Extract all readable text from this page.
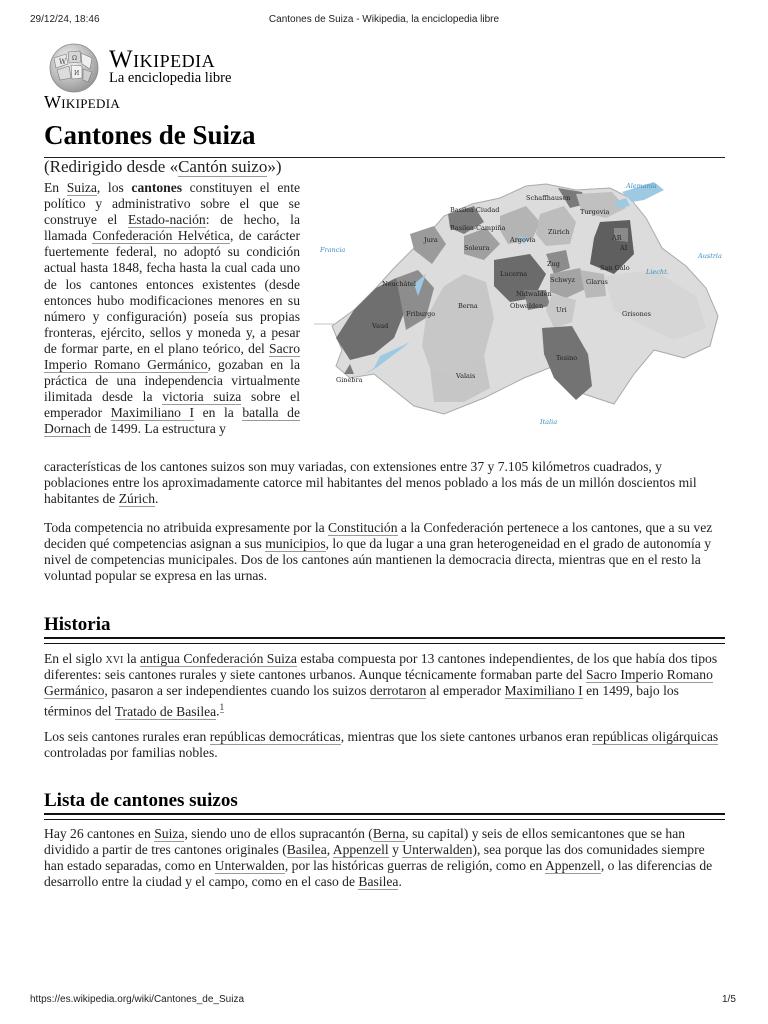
29/12/24, 18:46	Cantones de Suiza - Wikipedia, la enciclopedia libre
W Ω
И
Wikipedia
La enciclopedia libre
Wikipedia
Cantones de Suiza
(Redirigido desde «Cantón suizo»)

En Suiza, los cantones constituyen el ente político y administrativo sobre el que se construye el Estado-nación: de hecho, la llamada Confederación Helvética, de carácter fuertemente federal, no adoptó su condición actual hasta 1848, fecha hasta la cual cada uno de los cantones entonces existentes (desde entonces hubo modificaciones menores en su número y configuración) poseía sus propias fronteras, ejército, sellos y moneda y, a pesar de formar parte, en el plano teórico, del Sacro Imperio Romano Germánico, gozaban en la práctica de una independencia virtualmente ilimitada desde la victoria suiza sobre el emperador Maximiliano I en la batalla de Dornach de 1499. La estructura y

Schaffhausen
Basilea Ciudad
Basilea-Campiña
Turgovia
Jura
Soleura
Argovia
Zürich
AR
AI
San Galo
Zug
Schwyz
Lucerna
Glarus
Neuchâtel
Nidwalden
Obwalden Uri
Berna
Friburgo	Grisones
Vaud
Tesino
Valais
Ginebra
Alemania
Francia
Austria
Liecht.
Italia

características de los cantones suizos son muy variadas, con extensiones entre 37 y 7.105 kilómetros cuadrados, y poblaciones entre los aproximadamente catorce mil habitantes del menos poblado a los más de un millón doscientos mil habitantes de Zúrich.

Toda competencia no atribuida expresamente por la Constitución a la Confederación pertenece a los cantones, que a su vez deciden qué competencias asignan a sus municipios, lo que da lugar a una gran heterogeneidad en el grado de autonomía y nivel de competencias municipales. Dos de los cantones aún mantienen la democracia directa, mientras que en el resto la voluntad popular se expresa en las urnas.

Historia

En el siglo xvi la antigua Confederación Suiza estaba compuesta por 13 cantones independientes, de los que había dos tipos diferentes: seis cantones rurales y siete cantones urbanos. Aunque técnicamente formaban parte del Sacro Imperio Romano Germánico, pasaron a ser independientes cuando los suizos derrotaron al emperador Maximiliano I en 1499, bajo los términos del Tratado de Basilea.$^1$

Los seis cantones rurales eran repúblicas democráticas, mientras que los siete cantones urbanos eran repúblicas oligárquicas controladas por familias nobles.

Lista de cantones suizos

Hay 26 cantones en Suiza, siendo uno de ellos supracantón (Berna, su capital) y seis de ellos semicantones que se han dividido a partir de tres cantones originales (Basilea, Appenzell y Unterwalden), sea porque las dos comunidades siempre han estado separadas, como en Unterwalden, por las históricas guerras de religión, como en Appenzell, o las diferencias de desarrollo entre la ciudad y el campo, como en el caso de Basilea.

https://es.wikipedia.org/wiki/Cantones_de_Suiza	1/5
